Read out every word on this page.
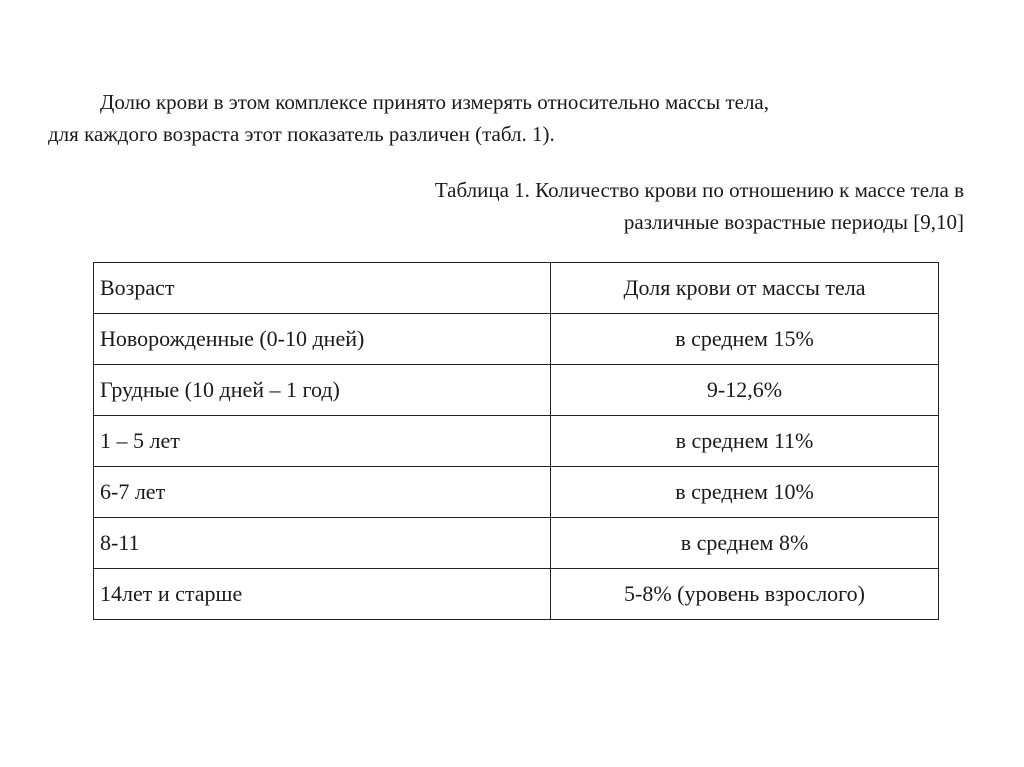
Долю крови в этом комплексе принято измерять относительно массы тела,
для каждого возраста этот показатель различен (табл. 1).
Таблица 1. Количество крови по отношению к массе тела в
различные возрастные периоды [9,10]
Возраст	Доля крови от массы тела
Новорожденные (0-10 дней)	в среднем 15%
Грудные (10 дней – 1 год)	9-12,6%
1 – 5 лет	в среднем 11%
6-7 лет	в среднем 10%
8-11	в среднем 8%
14лет и старше	5-8% (уровень взрослого)
